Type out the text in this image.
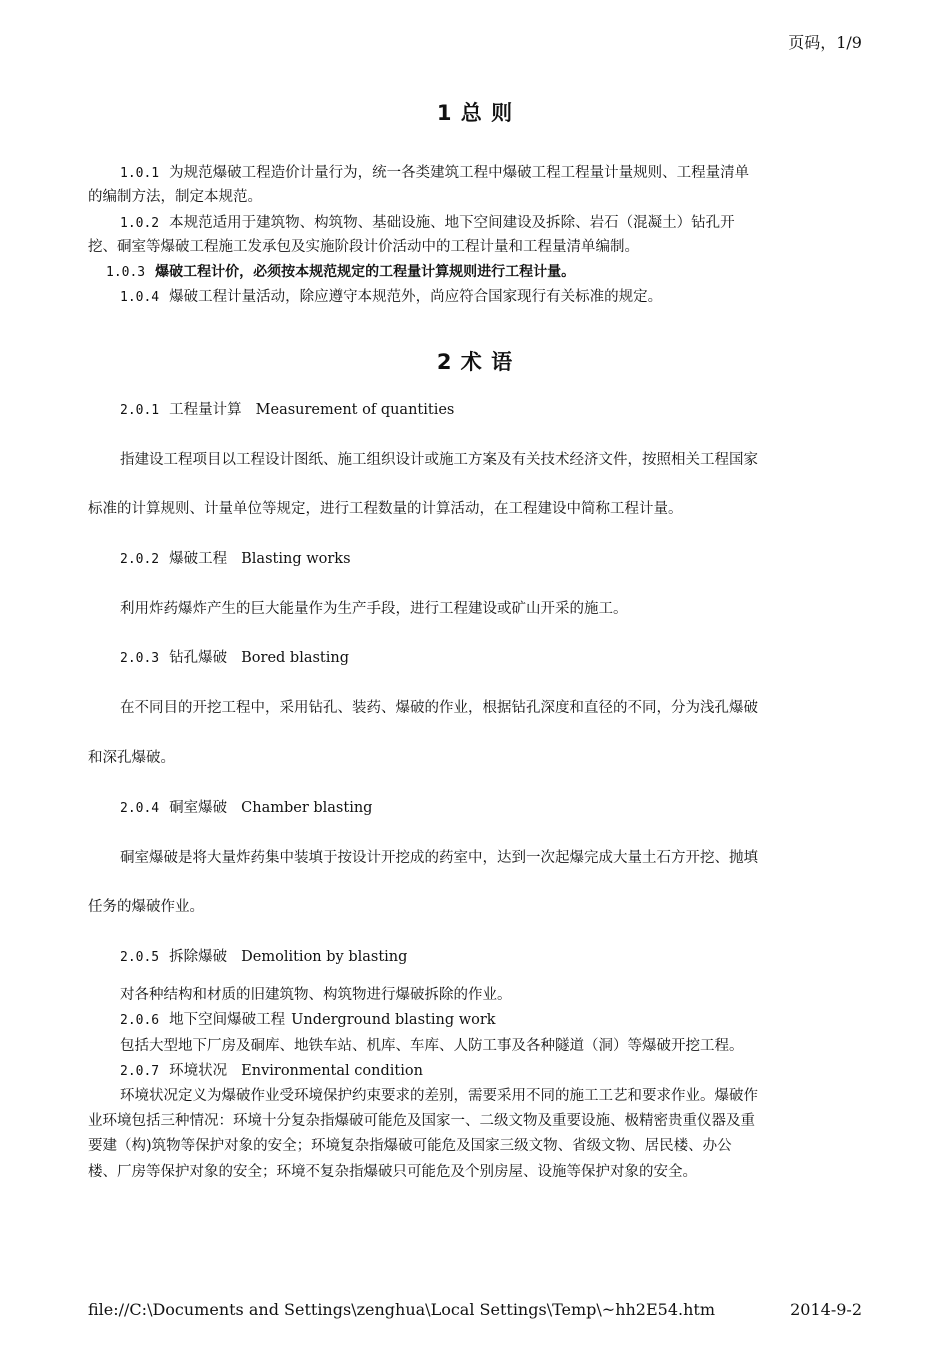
页码，1/9
1 总 则
1.0.1 为规范爆破工程造价计量行为，统一各类建筑工程中爆破工程工程量计量规则、工程量清单
的编制方法，制定本规范。
1.0.2 本规范适用于建筑物、构筑物、基础设施、地下空间建设及拆除、岩石（混凝土）钻孔开
挖、硐室等爆破工程施工发承包及实施阶段计价活动中的工程计量和工程量清单编制。
1.0.3 爆破工程计价，必须按本规范规定的工程量计算规则进行工程计量。
1.0.4 爆破工程计量活动，除应遵守本规范外，尚应符合国家现行有关标准的规定。
2 术 语
2.0.1 工程量计算 Measurement of quantities
指建设工程项目以工程设计图纸、施工组织设计或施工方案及有关技术经济文件，按照相关工程国家
标准的计算规则、计量单位等规定，进行工程数量的计算活动，在工程建设中简称工程计量。
2.0.2 爆破工程 Blasting works
利用炸药爆炸产生的巨大能量作为生产手段，进行工程建设或矿山开采的施工。
2.0.3 钻孔爆破 Bored blasting
在不同目的开挖工程中，采用钻孔、装药、爆破的作业，根据钻孔深度和直径的不同，分为浅孔爆破
和深孔爆破。
2.0.4 硐室爆破 Chamber blasting
硐室爆破是将大量炸药集中装填于按设计开挖成的药室中，达到一次起爆完成大量土石方开挖、抛填
任务的爆破作业。
2.0.5 拆除爆破 Demolition by blasting
对各种结构和材质的旧建筑物、构筑物进行爆破拆除的作业。
2.0.6 地下空间爆破工程 Underground blasting work
包括大型地下厂房及硐库、地铁车站、机库、车库、人防工事及各种隧道（洞）等爆破开挖工程。
2.0.7 环境状况 Environmental condition
环境状况定义为爆破作业受环境保护约束要求的差别，需要采用不同的施工工艺和要求作业。爆破作
业环境包括三种情况：环境十分复杂指爆破可能危及国家一、二级文物及重要设施、极精密贵重仪器及重
要建（构)筑物等保护对象的安全；环境复杂指爆破可能危及国家三级文物、省级文物、居民楼、办公
楼、厂房等保护对象的安全；环境不复杂指爆破只可能危及个别房屋、设施等保护对象的安全。
file://C:\Documents and Settings\zenghua\Local Settings\Temp\~hh2E54.htm	2014-9-2
